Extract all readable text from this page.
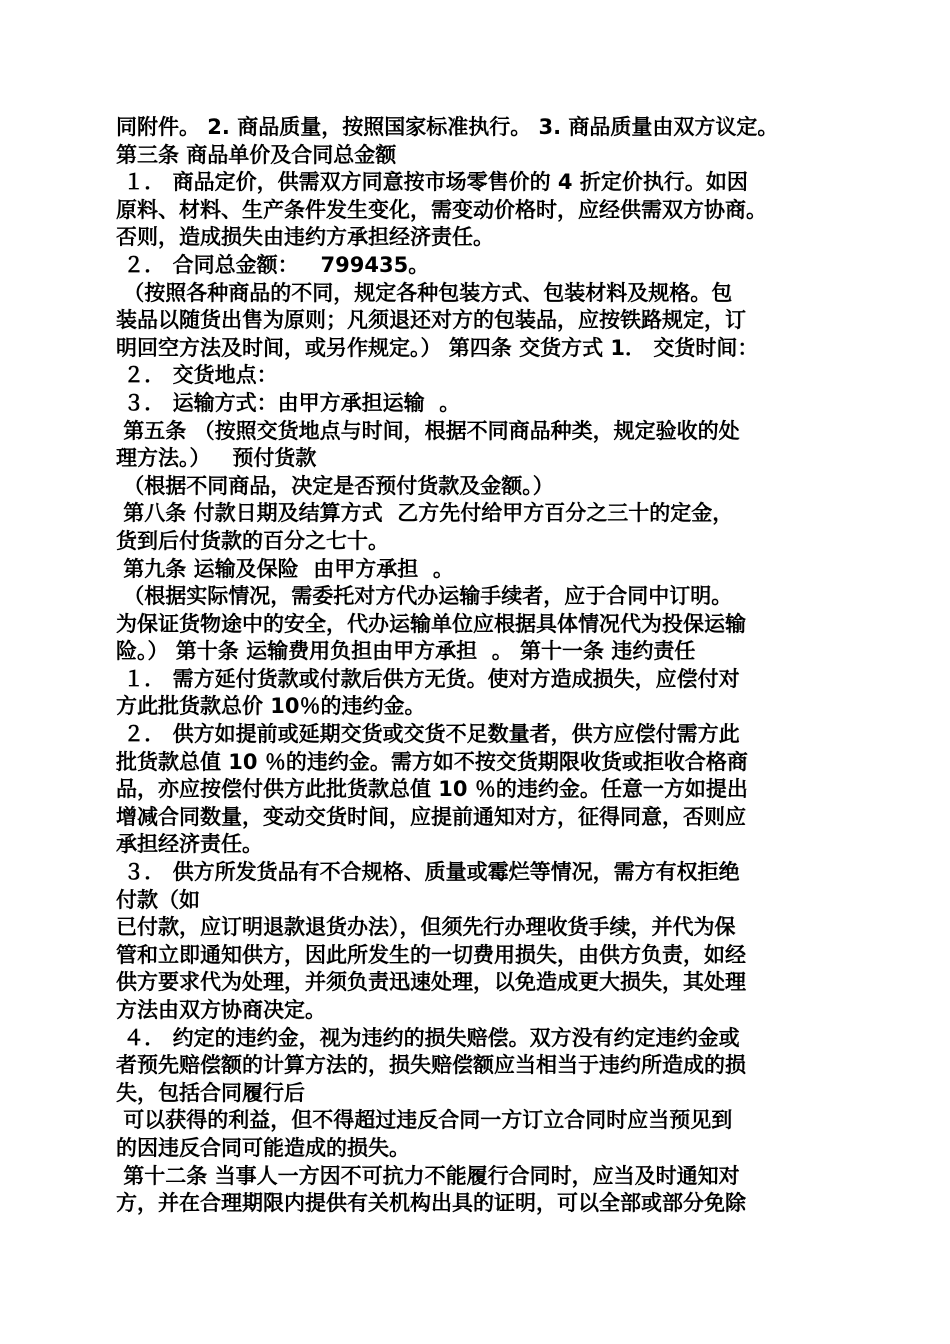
同附件。 2. 商品质量，按照国家标准执行。 3. 商品质量由双方议定。
第三条 商品单价及合同总金额
１． 商品定价，供需双方同意按市场零售价的 4 折定价执行。如因
原料、材料、生产条件发生变化，需变动价格时，应经供需双方协商。
否则，造成损失由违约方承担经济责任。
２． 合同总金额：   799435。
（按照各种商品的不同，规定各种包装方式、包装材料及规格。包
装品以随货出售为原则；凡须退还对方的包装品，应按铁路规定，订
明回空方法及时间，或另作规定。） 第四条 交货方式 1． 交货时间：
２． 交货地点：
３． 运输方式：由甲方承担运输  。
第五条 （按照交货地点与时间，根据不同商品种类，规定验收的处
理方法。）   预付货款
（根据不同商品，决定是否预付货款及金额。）
第八条 付款日期及结算方式  乙方先付给甲方百分之三十的定金，
货到后付货款的百分之七十。
第九条 运输及保险  由甲方承担  。
（根据实际情况，需委托对方代办运输手续者，应于合同中订明。
为保证货物途中的安全，代办运输单位应根据具体情况代为投保运输
险。） 第十条 运输费用负担由甲方承担  。 第十一条 违约责任
１． 需方延付货款或付款后供方无货。使对方造成损失，应偿付对
方此批货款总价 10％的违约金。
２． 供方如提前或延期交货或交货不足数量者，供方应偿付需方此
批货款总值 10 ％的违约金。需方如不按交货期限收货或拒收合格商
品，亦应按偿付供方此批货款总值 10 ％的违约金。任意一方如提出
增减合同数量，变动交货时间，应提前通知对方，征得同意，否则应
承担经济责任。
３． 供方所发货品有不合规格、质量或霉烂等情况，需方有权拒绝
付款（如
已付款，应订明退款退货办法），但须先行办理收货手续，并代为保
管和立即通知供方，因此所发生的一切费用损失，由供方负责，如经
供方要求代为处理，并须负责迅速处理，以免造成更大损失，其处理
方法由双方协商决定。
４． 约定的违约金，视为违约的损失赔偿。双方没有约定违约金或
者预先赔偿额的计算方法的，损失赔偿额应当相当于违约所造成的损
失，包括合同履行后
可以获得的利益，但不得超过违反合同一方订立合同时应当预见到
的因违反合同可能造成的损失。
第十二条 当事人一方因不可抗力不能履行合同时，应当及时通知对
方，并在合理期限内提供有关机构出具的证明，可以全部或部分免除
